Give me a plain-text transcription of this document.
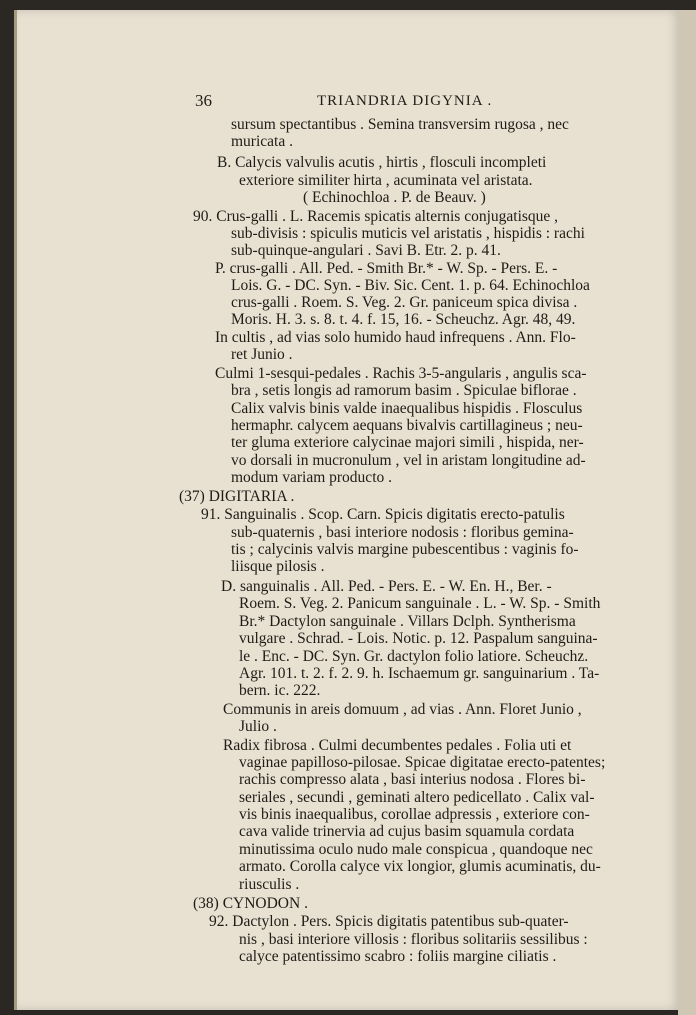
36	TRIANDRIA DIGYNIA .
sursum spectantibus . Semina transversim rugosa , nec
muricata .
B. Calycis valvulis acutis , hirtis , flosculi incompleti
exteriore similiter hirta , acuminata vel aristata.
( Echinochloa . P. de Beauv. )
90. Crus-galli . L. Racemis spicatis alternis conjugatisque ,
sub-divisis : spiculis muticis vel aristatis , hispidis : rachi
sub-quinque-angulari . Savi B. Etr. 2. p. 41.
P. crus-galli . All. Ped. - Smith Br.* - W. Sp. - Pers. E. -
Lois. G. - DC. Syn. - Biv. Sic. Cent. 1. p. 64. Echinochloa
crus-galli . Roem. S. Veg. 2. Gr. paniceum spica divisa .
Moris. H. 3. s. 8. t. 4. f. 15, 16. - Scheuchz. Agr. 48, 49.
In cultis , ad vias solo humido haud infrequens . Ann. Flo-
ret Junio .
Culmi 1-sesqui-pedales . Rachis 3-5-angularis , angulis sca-
bra , setis longis ad ramorum basim . Spiculae biflorae .
Calix valvis binis valde inaequalibus hispidis . Flosculus
hermaphr. calycem aequans bivalvis cartillagineus ; neu-
ter gluma exteriore calycinae majori simili , hispida, ner-
vo dorsali in mucronulum , vel in aristam longitudine ad-
modum variam producto .
(37) DIGITARIA .
91. Sanguinalis . Scop. Carn. Spicis digitatis erecto-patulis
sub-quaternis , basi interiore nodosis : floribus gemina-
tis ; calycinis valvis margine pubescentibus : vaginis fo-
liisque pilosis .
D. sanguinalis . All. Ped. - Pers. E. - W. En. H., Ber. -
Roem. S. Veg. 2. Panicum sanguinale . L. - W. Sp. - Smith
Br.* Dactylon sanguinale . Villars Dclph. Syntherisma
vulgare . Schrad. - Lois. Notic. p. 12. Paspalum sanguina-
le . Enc. - DC. Syn. Gr. dactylon folio latiore. Scheuchz.
Agr. 101. t. 2. f. 2. 9. h. Ischaemum gr. sanguinarium . Ta-
bern. ic. 222.
Communis in areis domuum , ad vias . Ann. Floret Junio ,
Julio .
Radix fibrosa . Culmi decumbentes pedales . Folia uti et
vaginae papilloso-pilosae. Spicae digitatae erecto-patentes;
rachis compresso alata , basi interius nodosa . Flores bi-
seriales , secundi , geminati altero pedicellato . Calix val-
vis binis inaequalibus, corollae adpressis , exteriore con-
cava valide trinervia ad cujus basim squamula cordata
minutissima oculo nudo male conspicua , quandoque nec
armato. Corolla calyce vix longior, glumis acuminatis, du-
riusculis .
(38) CYNODON .
92. Dactylon . Pers. Spicis digitatis patentibus sub-quater-
nis , basi interiore villosis : floribus solitariis sessilibus :
calyce patentissimo scabro : foliis margine ciliatis .
